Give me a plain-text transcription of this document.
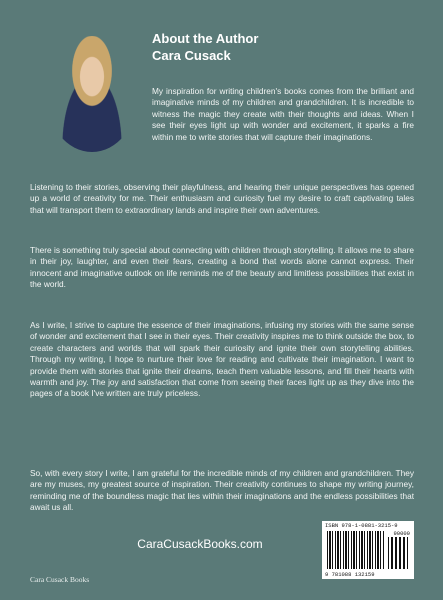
About the Author
Cara Cusack

My inspiration for writing children's books comes from the brilliant and imaginative minds of my children and grandchildren. It is incredible to witness the magic they create with their thoughts and ideas. When I see their eyes light up with wonder and excitement, it sparks a fire within me to write stories that will capture their imaginations.

Listening to their stories, observing their playfulness, and hearing their unique perspectives has opened up a world of creativity for me. Their enthusiasm and curiosity fuel my desire to craft captivating tales that will transport them to extraordinary lands and inspire their own adventures.

There is something truly special about connecting with children through storytelling. It allows me to share in their joy, laughter, and even their fears, creating a bond that words alone cannot express. Their innocent and imaginative outlook on life reminds me of the beauty and limitless possibilities that exist in the world.

As I write, I strive to capture the essence of their imaginations, infusing my stories with the same sense of wonder and excitement that I see in their eyes. Their creativity inspires me to think outside the box, to create characters and worlds that will spark their curiosity and ignite their own storytelling abilities. Through my writing, I hope to nurture their love for reading and cultivate their imagination. I want to provide them with stories that ignite their dreams, teach them valuable lessons, and fill their hearts with warmth and joy. The joy and satisfaction that come from seeing their faces light up as they dive into the pages of a book I've written are truly priceless.

So, with every story I write, I am grateful for the incredible minds of my children and grandchildren. They are my muses, my greatest source of inspiration. Their creativity continues to shape my writing journey, reminding me of the boundless magic that lies within their imaginations and the endless possibilities that await us all.

CaraCusackBooks.com
Cara Cusack Books
ISBN 978-1-0881-3215-9
90000
9 781088 132159
